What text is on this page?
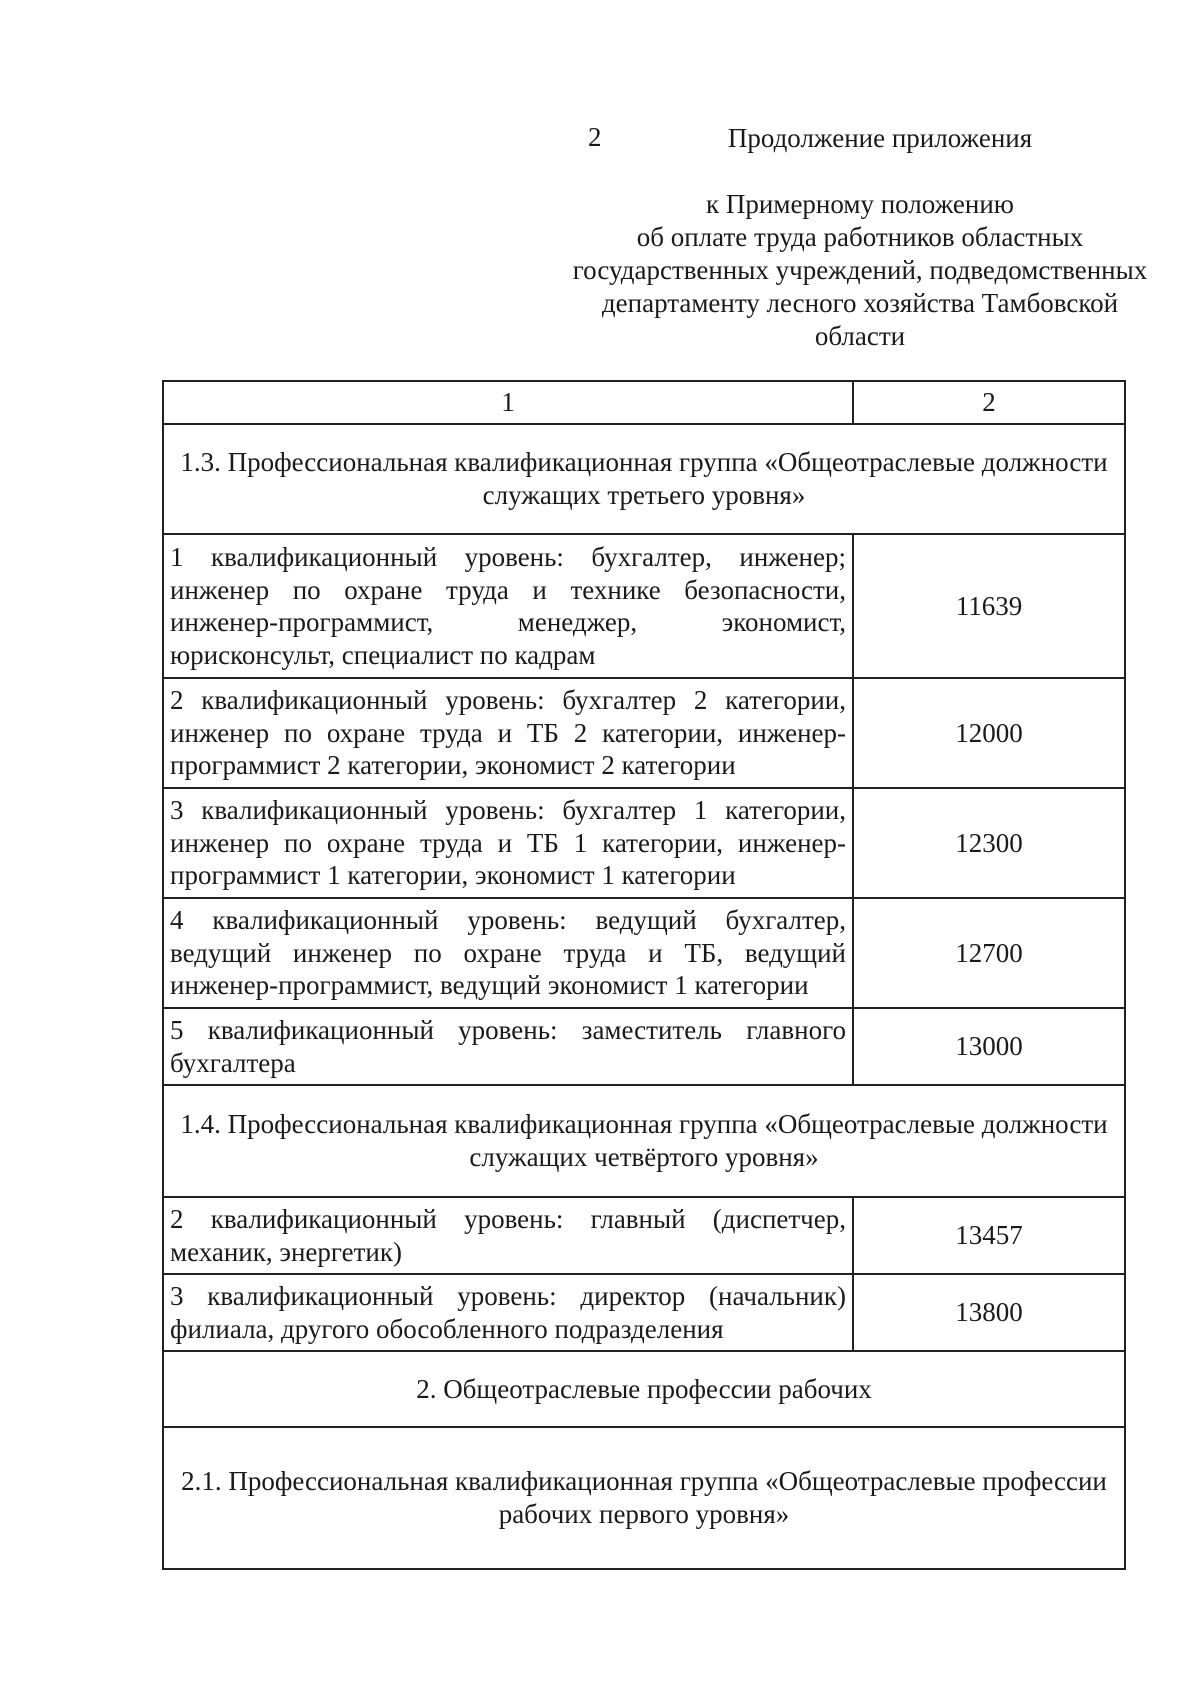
2	Продолжение приложения

к Примерному положению
об оплате труда работников областных
государственных учреждений, подведомственных
департаменту лесного хозяйства Тамбовской
области
1	2
1.3. Профессиональная квалификационная группа «Общеотраслевые должности служащих третьего уровня»	
1 квалификационный уровень: бухгалтер, инженер; инженер по охране труда и технике безопасности, инженер-программист, менеджер, экономист, юрисконсульт, специалист по кадрам	11639
2 квалификационный уровень: бухгалтер 2 категории, инженер по охране труда и ТБ 2 категории, инженер-программист 2 категории, экономист 2 категории	12000
3 квалификационный уровень: бухгалтер 1 категории, инженер по охране труда и ТБ 1 категории, инженер-программист 1 категории, экономист 1 категории	12300
4 квалификационный уровень: ведущий бухгалтер, ведущий инженер по охране труда и ТБ, ведущий инженер-программист, ведущий экономист 1 категории	12700
5 квалификационный уровень: заместитель главного бухгалтера	13000
1.4. Профессиональная квалификационная группа «Общеотраслевые должности служащих четвёртого уровня»	
2 квалификационный уровень: главный (диспетчер, механик, энергетик)	13457
3 квалификационный уровень: директор (начальник) филиала, другого обособленного подразделения	13800
2. Общеотраслевые профессии рабочих	
2.1. Профессиональная квалификационная группа «Общеотраслевые профессии рабочих первого уровня»	
